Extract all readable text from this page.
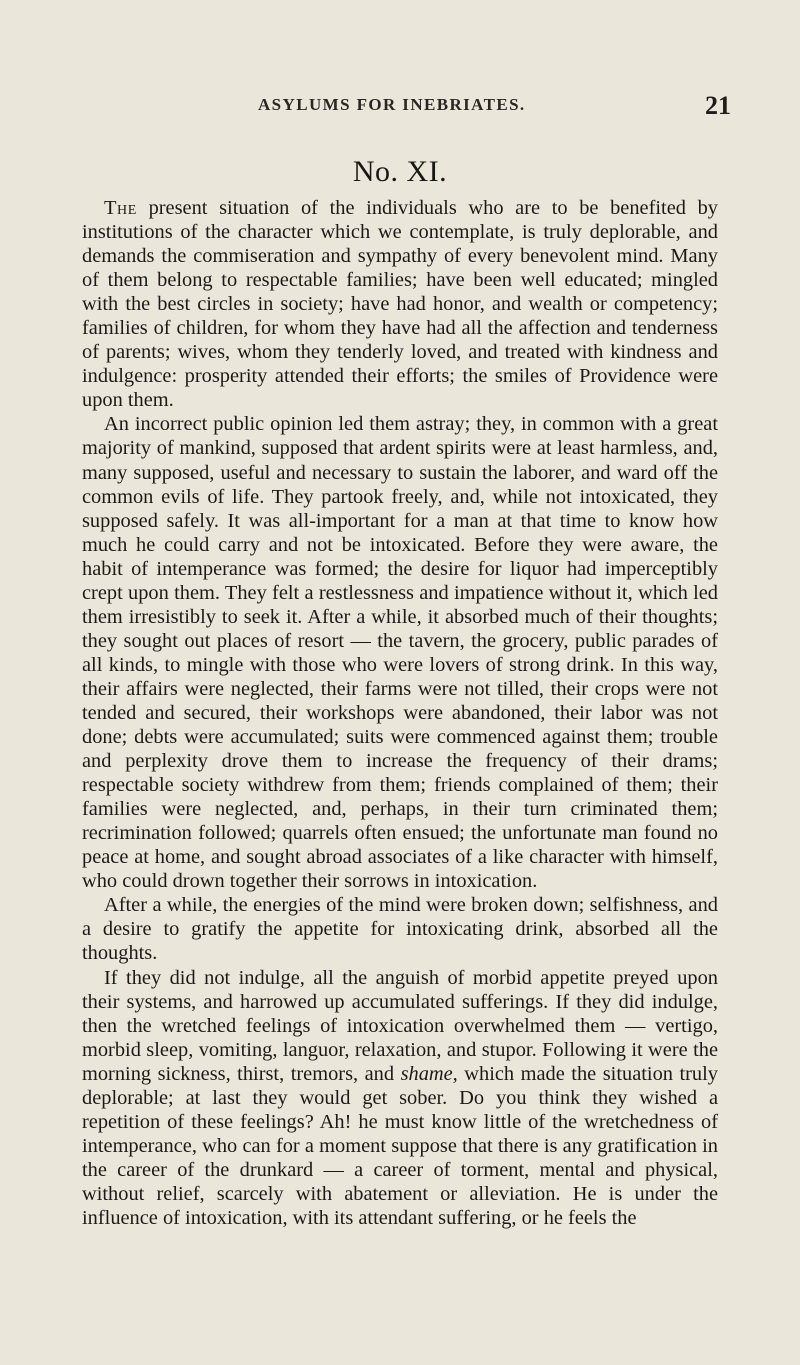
ASYLUMS FOR INEBRIATES.	21
No. XI.

The present situation of the individuals who are to be benefited by institutions of the character which we contemplate, is truly deplorable, and demands the commiseration and sympathy of every benevolent mind. Many of them belong to respectable families; have been well educated; mingled with the best circles in society; have had honor, and wealth or competency; families of children, for whom they have had all the affection and tenderness of parents; wives, whom they tenderly loved, and treated with kindness and indulgence: prosperity attended their efforts; the smiles of Providence were upon them.

An incorrect public opinion led them astray; they, in common with a great majority of mankind, supposed that ardent spirits were at least harmless, and, many supposed, useful and necessary to sustain the laborer, and ward off the common evils of life. They partook freely, and, while not intoxicated, they supposed safely. It was all-important for a man at that time to know how much he could carry and not be intoxicated. Before they were aware, the habit of intemperance was formed; the desire for liquor had imperceptibly crept upon them. They felt a restlessness and impatience without it, which led them irresistibly to seek it. After a while, it absorbed much of their thoughts; they sought out places of resort — the tavern, the grocery, public parades of all kinds, to mingle with those who were lovers of strong drink. In this way, their affairs were neglected, their farms were not tilled, their crops were not tended and secured, their workshops were abandoned, their labor was not done; debts were accumulated; suits were commenced against them; trouble and perplexity drove them to increase the frequency of their drams; respectable society withdrew from them; friends complained of them; their families were neglected, and, perhaps, in their turn criminated them; recrimination followed; quarrels often ensued; the unfortunate man found no peace at home, and sought abroad associates of a like character with himself, who could drown together their sorrows in intoxication.

After a while, the energies of the mind were broken down; selfishness, and a desire to gratify the appetite for intoxicating drink, absorbed all the thoughts.

If they did not indulge, all the anguish of morbid appetite preyed upon their systems, and harrowed up accumulated sufferings. If they did indulge, then the wretched feelings of intoxication overwhelmed them — vertigo, morbid sleep, vomiting, languor, relaxation, and stupor. Following it were the morning sickness, thirst, tremors, and shame, which made the situation truly deplorable; at last they would get sober. Do you think they wished a repetition of these feelings? Ah! he must know little of the wretchedness of intemperance, who can for a moment suppose that there is any gratification in the career of the drunkard — a career of torment, mental and physical, without relief, scarcely with abatement or alleviation. He is under the influence of intoxication, with its attendant suffering, or he feels the
